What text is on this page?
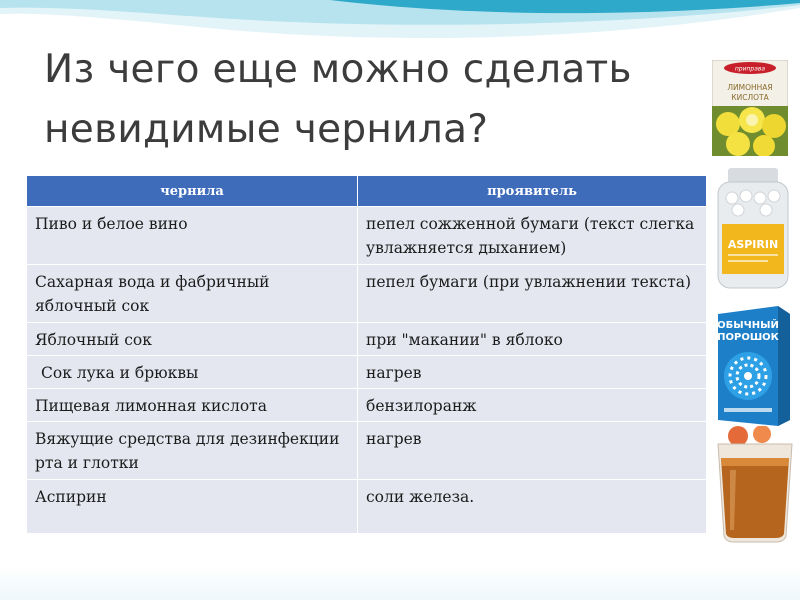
Из чего еще можно сделать
невидимые чернила?
чернила	проявитель
Пиво и белое вино	пепел сожженной бумаги (текст слегка увлажняется дыханием)
Сахарная вода и фабричный яблочный сок	пепел бумаги (при увлажнении текста)
Яблочный сок	при "макании" в яблоко
Сок лука и брюквы	нагрев
Пищевая лимонная кислота	бензилоранж
Вяжущие средства для дезинфекции рта и глотки	нагрев
Аспирин	соли железа.
приправа
ЛИМОННАЯ
КИСЛОТА
ASPIRIN
ОБЫЧНЫЙ
ПОРОШОК
